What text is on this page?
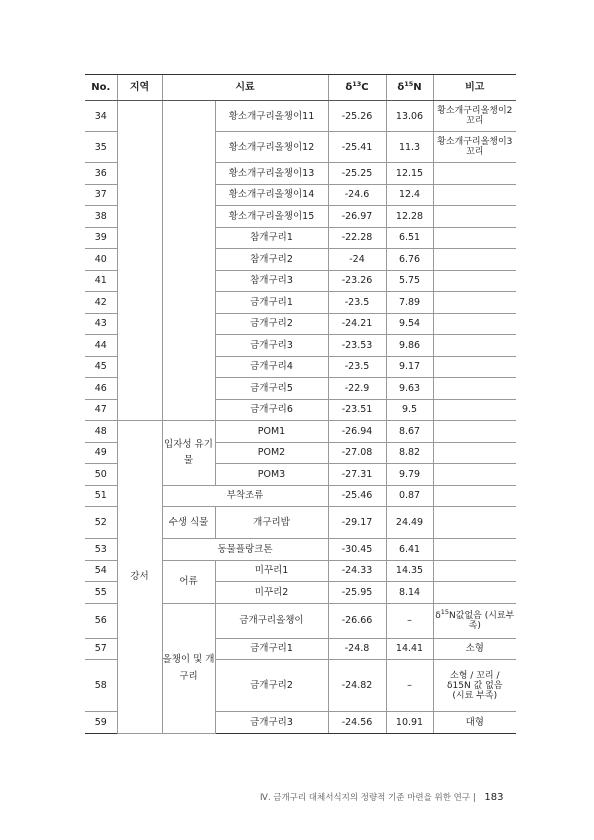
No.	지역	시료		$\delta^{13}C$	$\delta^{15}N$	비고
34			황소개구리올챙이11	-25.26	13.06	황소개구리올챙이2 꼬리
35			황소개구리올챙이12	-25.41	11.3	황소개구리올챙이3 꼬리
36			황소개구리올챙이13	-25.25	12.15	
37			황소개구리올챙이14	-24.6	12.4	
38			황소개구리올챙이15	-26.97	12.28	
39			참개구리1	-22.28	6.51	
40			참개구리2	-24	6.76	
41			참개구리3	-23.26	5.75	
42			금개구리1	-23.5	7.89	
43			금개구리2	-24.21	9.54	
44			금개구리3	-23.53	9.86	
45			금개구리4	-23.5	9.17	
46			금개구리5	-22.9	9.63	
47			금개구리6	-23.51	9.5	
48	강서	입자성 유기물	POM1	-26.94	8.67	
49			POM2	-27.08	8.82	
50			POM3	-27.31	9.79	
51		부착조류		-25.46	0.87	
52		수생 식물	개구리밥	-29.17	24.49	
53		동물플랑크톤		-30.45	6.41	
54		어류	미꾸리1	-24.33	14.35	
55			미꾸리2	-25.95	8.14	
56		올챙이 및 개구리	금개구리올챙이	-26.66	–	$\delta^{15}N$값없음 (시료부족)
57			금개구리1	-24.8	14.41	소형
58			금개구리2	-24.82	–	소형 / 꼬리 / δ15N 값 없음 (시료 부족)
59			금개구리3	-24.56	10.91	대형
Ⅳ. 금개구리 대체서식지의 정량적 기준 마련을 위한 연구 | 183
